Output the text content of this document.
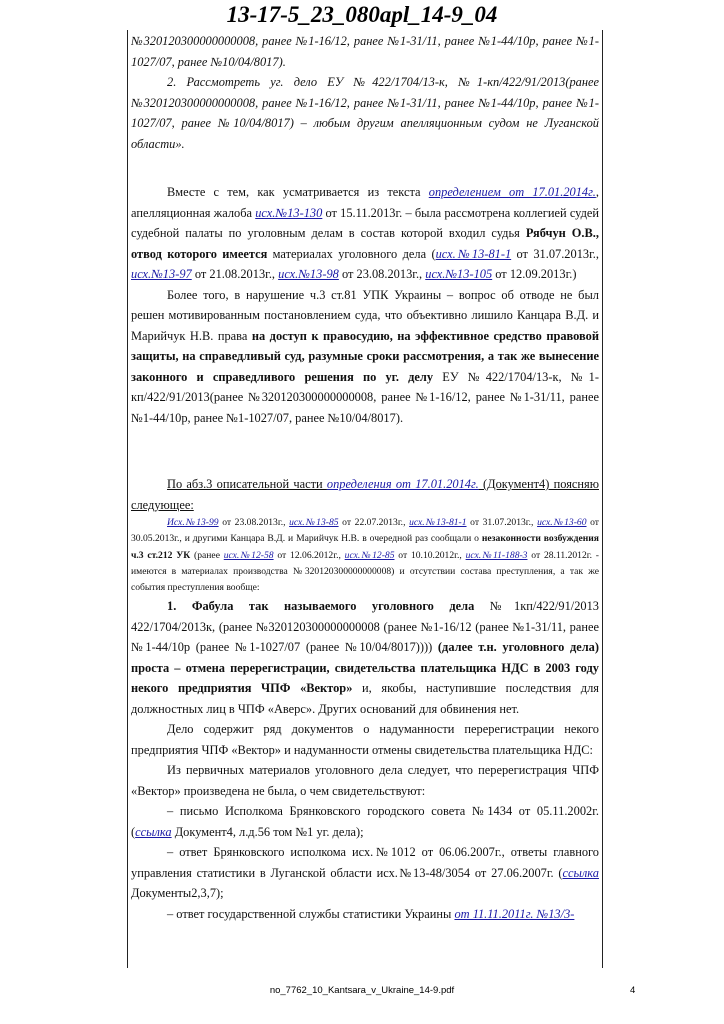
13-17-5_23_080apl_14-9_04

№320120300000000008, ранее №1-16/12, ранее №1-31/11, ранее №1-44/10р, ранее №1-1027/07, ранее №10/04/8017).

2. Рассмотреть уг. дело ЕУ №422/1704/13-к, №1-кп/422/91/2013(ранее №320120300000000008, ранее №1-16/12, ранее №1-31/11, ранее №1-44/10р, ранее №1-1027/07, ранее №10/04/8017) – любым другим апелляционным судом не Луганской области».

Вместе с тем, как усматривается из текста определением от 17.01.2014г., апелляционная жалоба исх.№13-130 от 15.11.2013г. – была рассмотрена коллегией судей судебной палаты по уголовным делам в состав которой входил судья Рябчун О.В., отвод которого имеется материалах уголовного дела (исх.№13-81-1 от 31.07.2013г., исх.№13-97 от 21.08.2013г., исх.№13-98 от 23.08.2013г., исх.№13-105 от 12.09.2013г.)

Более того, в нарушение ч.3 ст.81 УПК Украины – вопрос об отводе не был решен мотивированным постановлением суда, что объективно лишило Канцара В.Д. и Марийчук Н.В. права на доступ к правосудию, на эффективное средство правовой защиты, на справедливый суд, разумные сроки рассмотрения, а так же вынесение законного и справедливого решения по уг. делу ЕУ №422/1704/13-к, №1-кп/422/91/2013(ранее №320120300000000008, ранее №1-16/12, ранее №1-31/11, ранее №1-44/10р, ранее №1-1027/07, ранее №10/04/8017).

По абз.3 описательной части определения от 17.01.2014г. (Документ4) поясняю следующее:

Исх.№13-99 от 23.08.2013г., исх.№13-85 от 22.07.2013г., исх.№13-81-1 от 31.07.2013г., исх.№13-60 от 30.05.2013г., и другими Канцара В.Д. и Марийчук Н.В. в очередной раз сообщали о незаконности возбуждения ч.3 ст.212 УК (ранее исх.№12-58 от 12.06.2012г., исх.№12-85 от 10.10.2012г., исх.№11-188-3 от 28.11.2012г. - имеются в материалах производства №320120300000000008) и отсутствии состава преступления, а так же события преступления вообще:

1. Фабула так называемого уголовного дела №1кп/422/91/2013 422/1704/2013к, (ранее №320120300000000008 (ранее №1-16/12 (ранее №1-31/11, ранее №1-44/10р (ранее №1-1027/07 (ранее №10/04/8017)))) (далее т.н. уголовного дела) проста – отмена перерегистрации, свидетельства плательщика НДС в 2003 году некого предприятия ЧПФ «Вектор» и, якобы, наступившие последствия для должностных лиц в ЧПФ «Аверс». Других оснований для обвинения нет.

Дело содержит ряд документов о надуманности перерегистрации некого предприятия ЧПФ «Вектор» и надуманности отмены свидетельства плательщика НДС:

Из первичных материалов уголовного дела следует, что перерегистрация ЧПФ «Вектор» произведена не была, о чем свидетельствуют:

– письмо Исполкома Брянковского городского совета №1434 от 05.11.2002г. (ссылка Документ4, л.д.56 том №1 уг. дела);

– ответ Брянковского исполкома исх.№1012 от 06.06.2007г., ответы главного управления статистики в Луганской области исх.№13-48/3054 от 27.06.2007г. (ссылка Документы2,3,7);

– ответ государственной службы статистики Украины от 11.11.2011г. №13/3-

no_7762_10_Kantsara_v_Ukraine_14-9.pdf	4
